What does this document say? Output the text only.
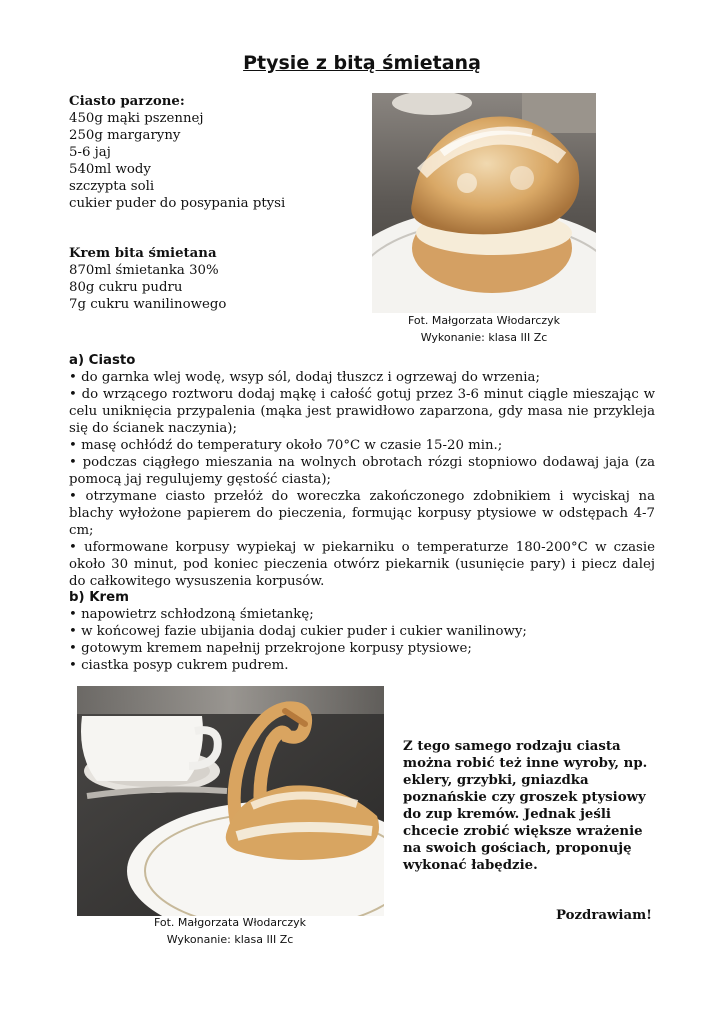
Ptysie z bitą śmietaną
Ciasto parzone:
450g mąki pszennej
250g margaryny
5-6 jaj
540ml wody
szczypta soli
cukier puder do posypania ptysi
Krem bita śmietana
870ml śmietanka 30%
80g cukru pudru
7g cukru wanilinowego
Fot. Małgorzata Włodarczyk
Wykonanie: klasa III Zc
a) Ciasto
• do garnka wlej wodę, wsyp sól, dodaj tłuszcz i ogrzewaj do wrzenia;
• do wrzącego roztworu dodaj mąkę i całość gotuj przez 3-6 minut ciągle mieszając w celu uniknięcia przypalenia (mąka jest prawidłowo zaparzona, gdy masa nie przykleja się do ścianek naczynia);
• masę ochłódź do temperatury około 70°C w czasie 15-20 min.;
• podczas ciągłego mieszania na wolnych obrotach rózgi stopniowo dodawaj jaja (za pomocą jaj regulujemy gęstość ciasta);
• otrzymane ciasto przełóż do woreczka zakończonego zdobnikiem i wyciskaj na blachy wyłożone papierem do pieczenia, formując korpusy ptysiowe w odstępach 4-7 cm;
• uformowane korpusy wypiekaj w piekarniku o temperaturze 180-200°C w czasie około 30 minut, pod koniec pieczenia otwórz piekarnik (usunięcie pary) i piecz dalej do całkowitego wysuszenia korpusów.
b) Krem
• napowietrz schłodzoną śmietankę;
• w końcowej fazie ubijania dodaj cukier puder i cukier wanilinowy;
• gotowym kremem napełnij przekrojone korpusy ptysiowe;
• ciastka posyp cukrem pudrem.
Fot. Małgorzata Włodarczyk
Wykonanie: klasa III Zc
Z tego samego rodzaju ciasta można robić też inne wyroby, np. eklery, grzybki, gniazdka poznańskie czy groszek ptysiowy do zup kremów. Jednak jeśli chcecie zrobić większe wrażenie na swoich gościach, proponuję wykonać łabędzie.
Pozdrawiam!
